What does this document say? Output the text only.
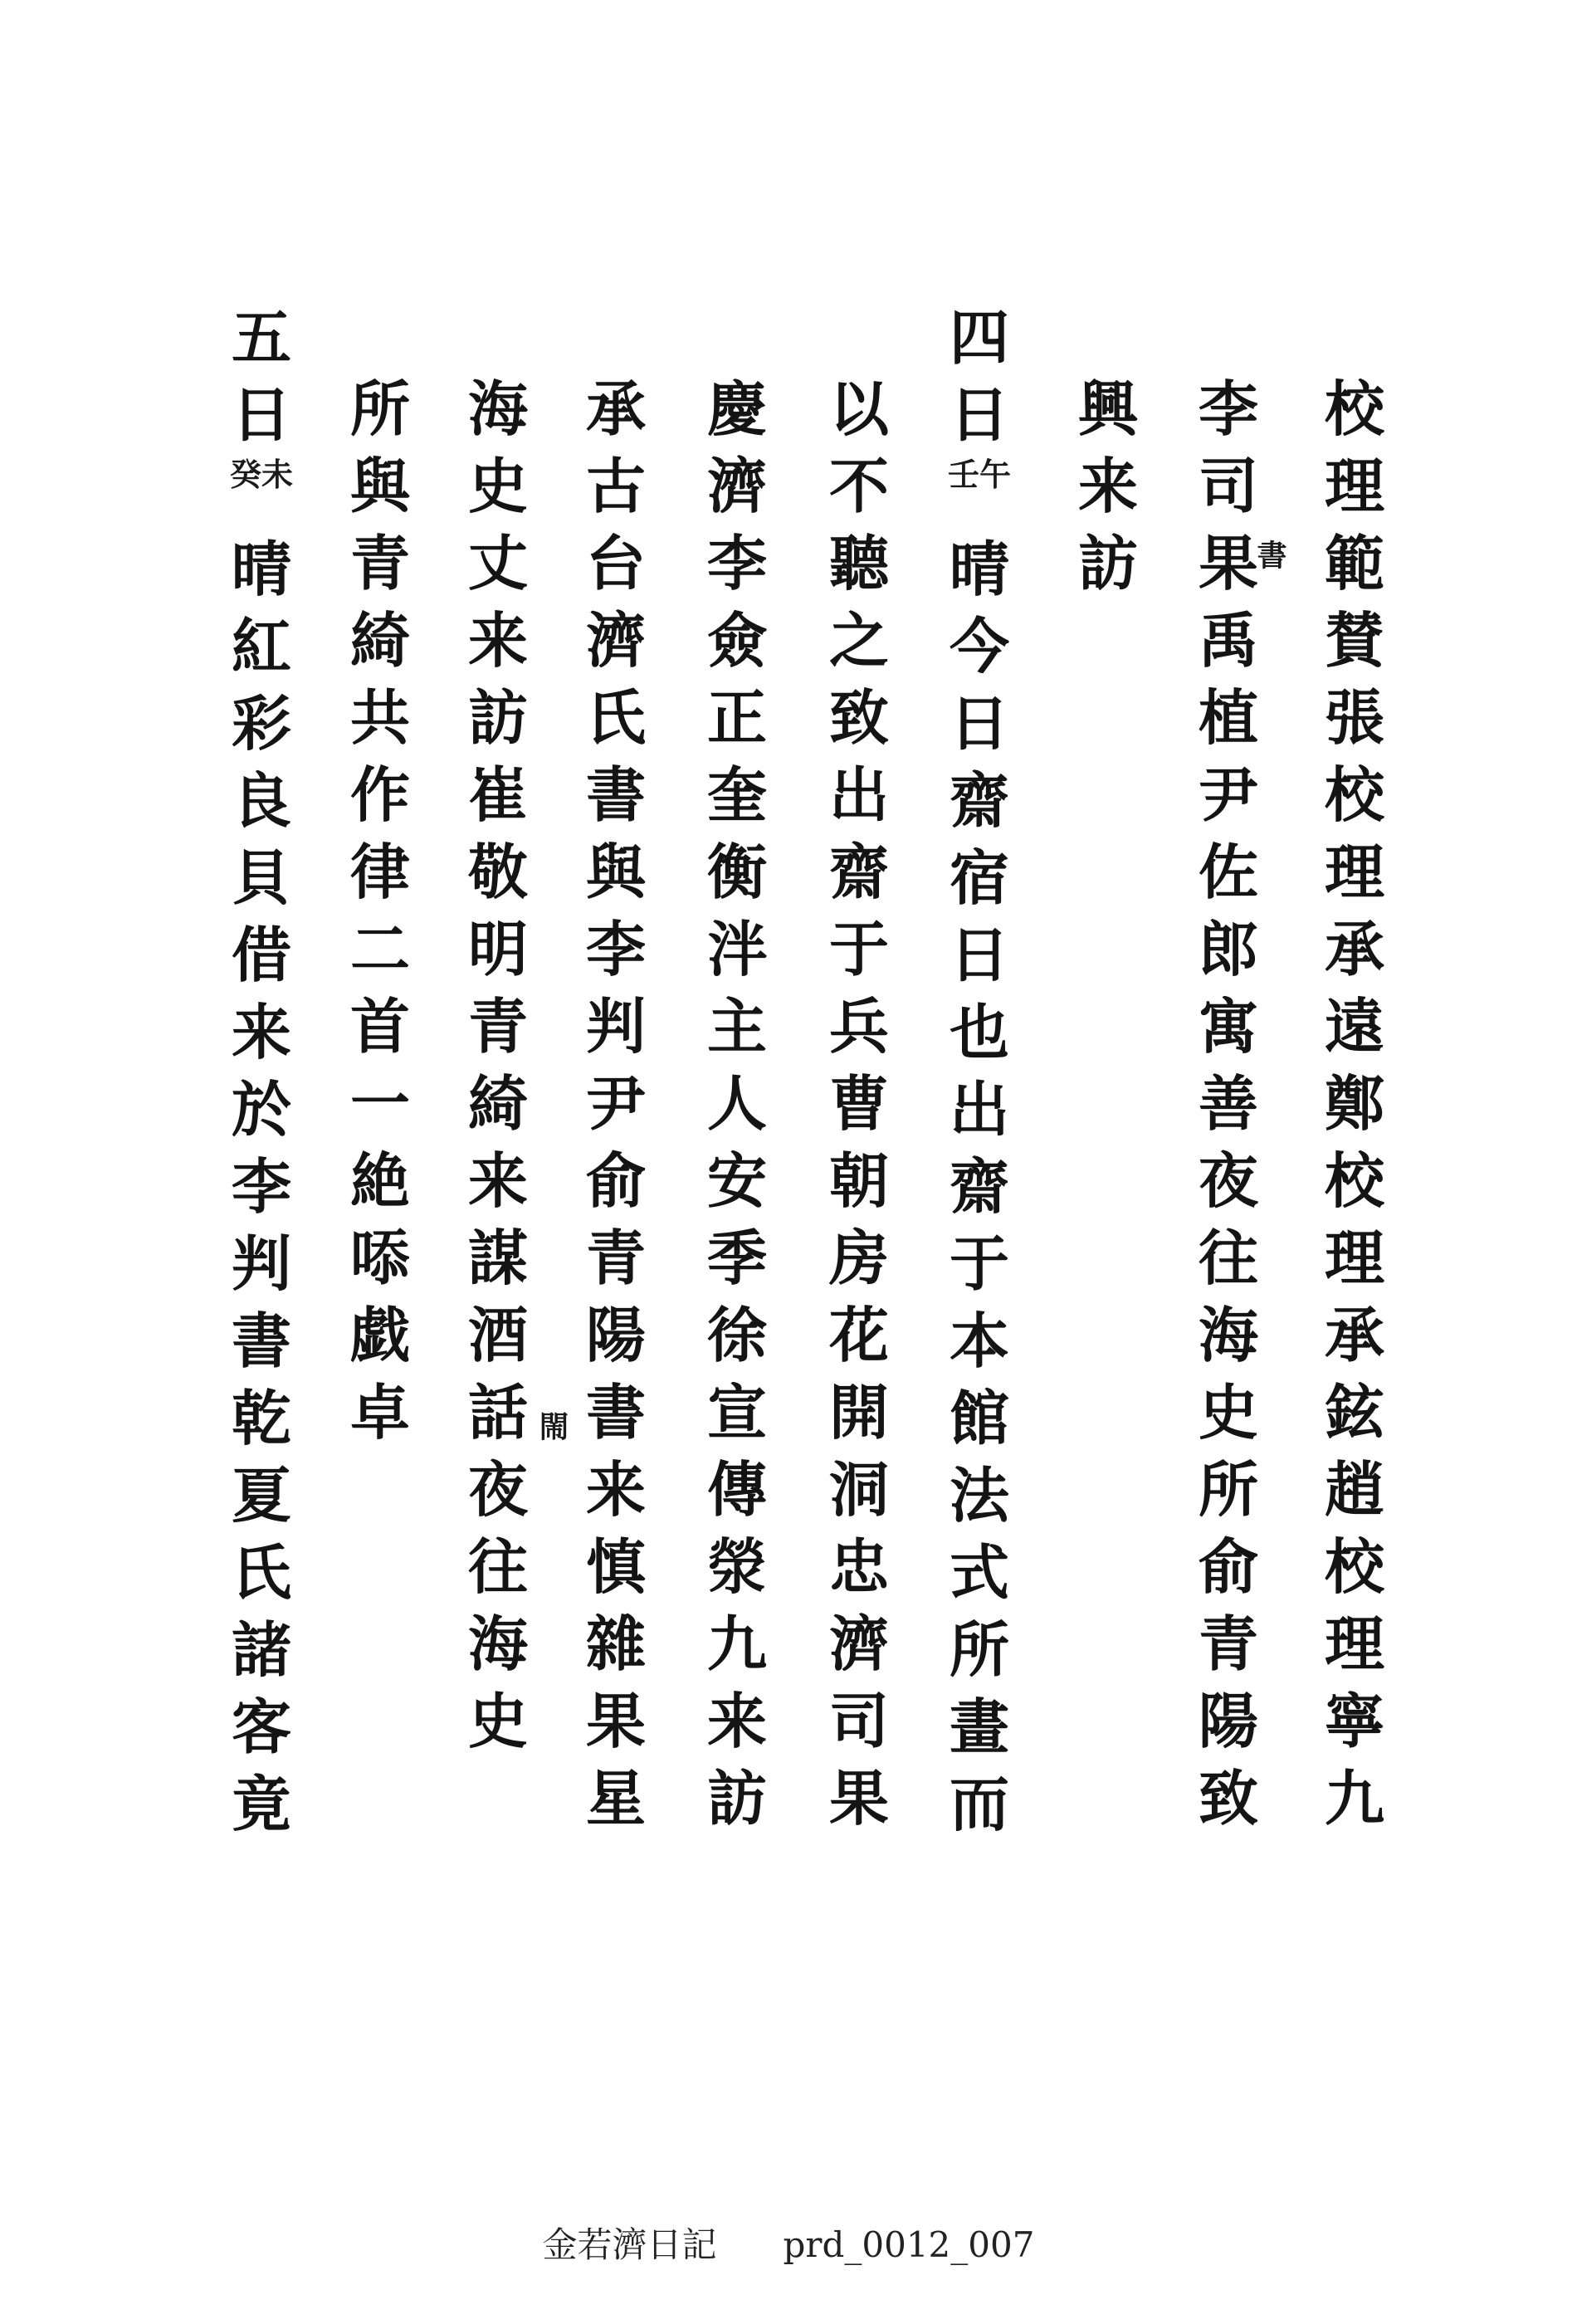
校
理
範
賛
張
校
理
承
遠
鄭
校
理
承
鉉
趙
校
理
寧
九
李
司
果
禹
植
尹
佐
郎
寓
善
夜
往
海
史
所
俞
青
陽
致
書
興
来
訪
四
日
壬午
晴
今
日
齋
宿
日
也
出
齋
于
本
館
法
式
所
畫
而
以
不
聽
之
致
出
齋
于
兵
曹
朝
房
花
開
洞
忠
濟
司
果
慶
濟
李
僉
正
奎
衡
泮
主
人
安
季
徐
宣
傳
滎
九
来
訪
承
古
台
濟
氏
書
與
李
判
尹
俞
青
陽
書
来
慎
雜
果
星
海
史
丈
来
訪
崔
敬
明
青
綺
来
謀
酒
話
夜
往
海
史
閙
所
與
青
綺
共
作
律
二
首
一
絶
㖭
戯
卓
五
日
癸未
晴
紅
彩
良
貝
借
来
於
李
判
書
乾
夏
氏
諸
客
竟
金若濟日記 prd_0012_007
